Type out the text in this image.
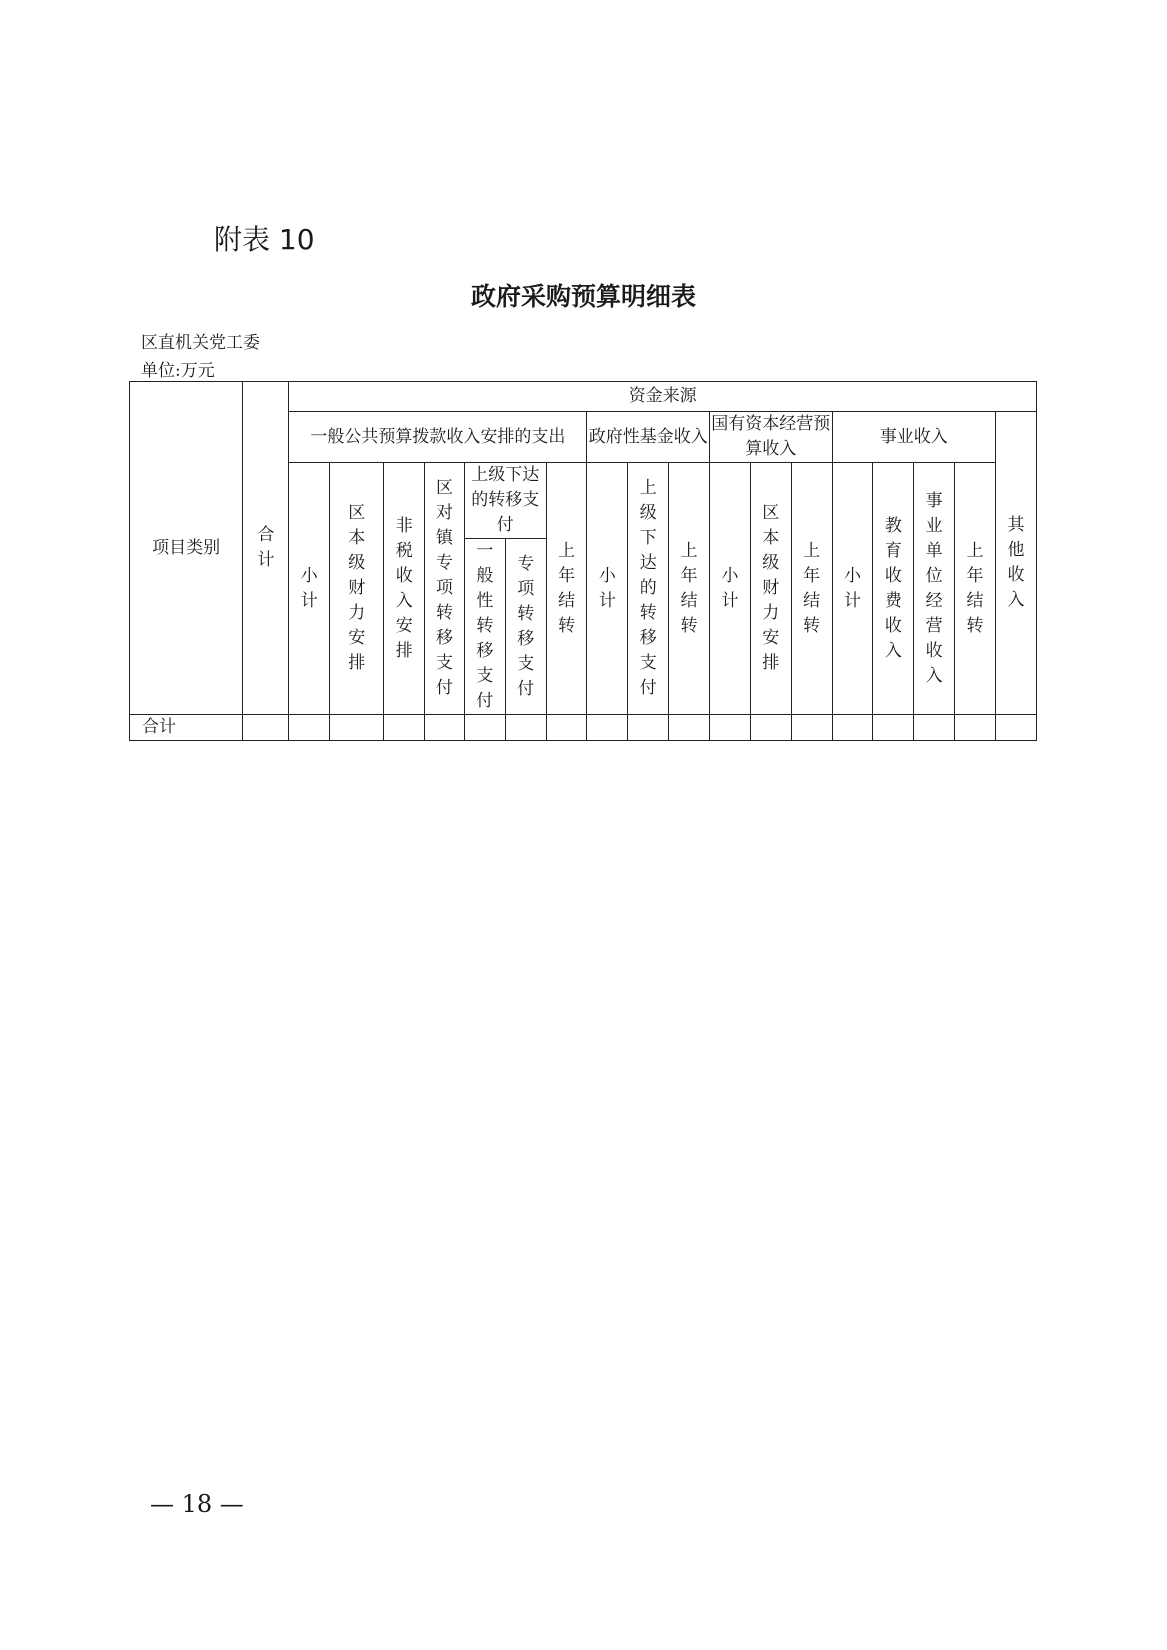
附表 10
政府采购预算明细表
区直机关党工委
单位:万元
项目类别	合计	资金来源																	
		一般公共预算拨款收入安排的支出							政府性基金收入			国有资本经营预算收入			事业收入				其他收入
		小计	区本级财力安排	非税收入安排	区对镇专项转移支付	上级下达的转移支付		上年结转	小计	上级下达的转移支付	上年结转	小计	区本级财力安排	上年结转	小计	教育收费收入	事业单位经营收入	上年结转	
						一般性转移支付	专项转移支付												

合计																			
— 18 —
